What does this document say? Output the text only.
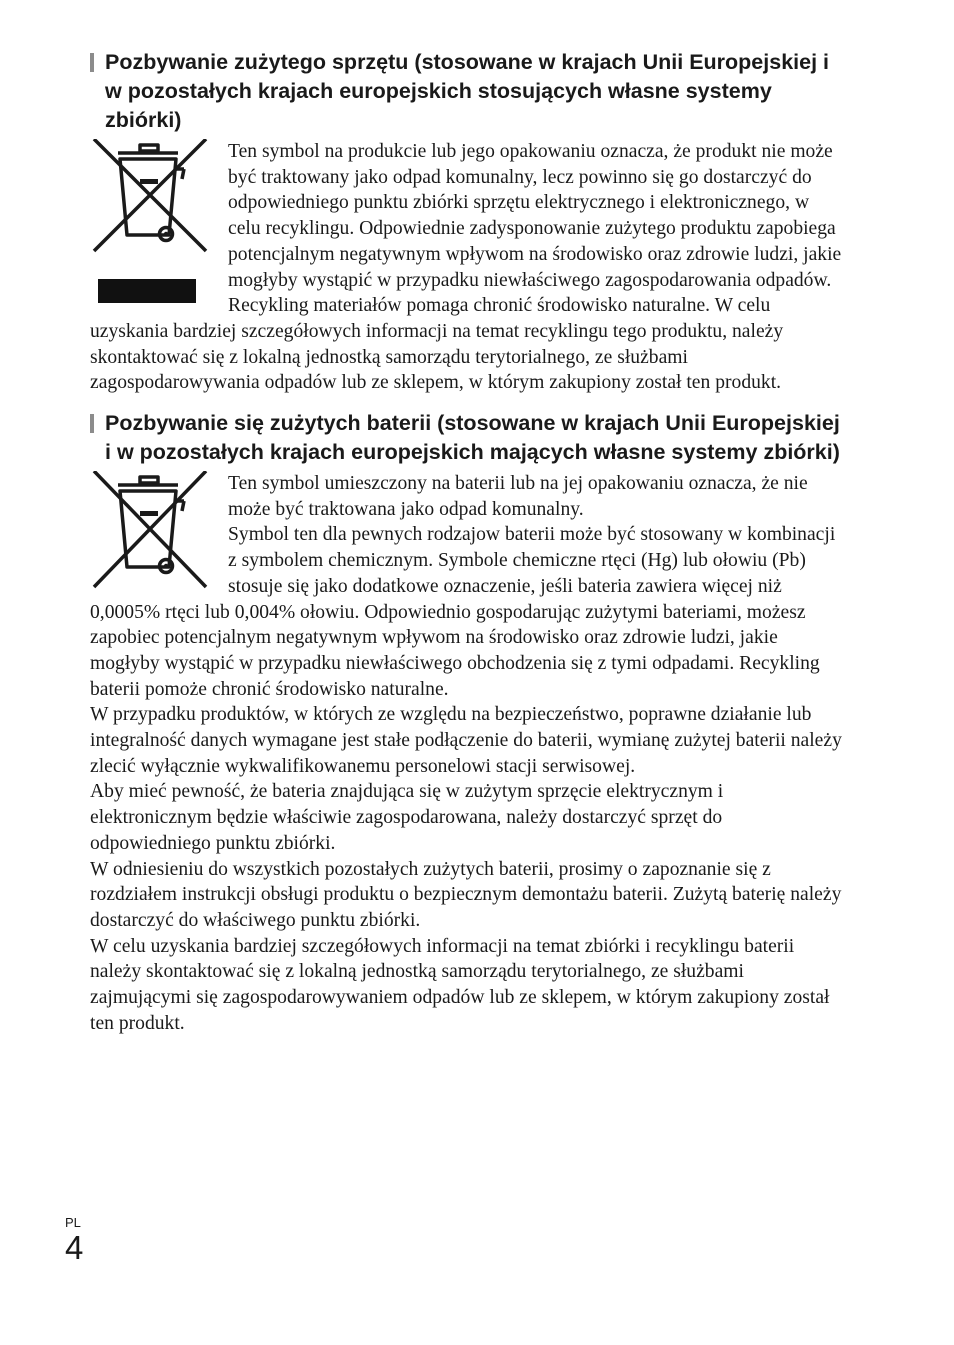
Pozbywanie zużytego sprzętu (stosowane w krajach Unii Europejskiej i w pozostałych krajach europejskich stosujących własne systemy zbiórki)

Ten symbol na produkcie lub jego opakowaniu oznacza, że produkt nie może być traktowany jako odpad komunalny, lecz powinno się go dostarczyć do odpowiedniego punktu zbiórki sprzętu elektrycznego i elektronicznego, w celu recyklingu. Odpowiednie zadysponowanie zużytego produktu zapobiega potencjalnym negatywnym wpływom na środowisko oraz zdrowie ludzi, jakie mogłyby wystąpić w przypadku niewłaściwego zagospodarowania odpadów. Recykling materiałów pomaga chronić środowisko naturalne. W celu uzyskania bardziej szczegółowych informacji na temat recyklingu tego produktu, należy skontaktować się z lokalną jednostką samorządu terytorialnego, ze służbami zagospodarowywania odpadów lub ze sklepem, w którym zakupiony został ten produkt.

Pozbywanie się zużytych baterii (stosowane w krajach Unii Europejskiej i w pozostałych krajach europejskich mających własne systemy zbiórki)

Ten symbol umieszczony na baterii lub na jej opakowaniu oznacza, że nie może być traktowana jako odpad komunalny.

Symbol ten dla pewnych rodzajow baterii może być stosowany w kombinacji z symbolem chemicznym. Symbole chemiczne rtęci (Hg) lub ołowiu (Pb) stosuje się jako dodatkowe oznaczenie, jeśli bateria zawiera więcej niż 0,0005% rtęci lub 0,004% ołowiu. Odpowiednio gospodarując zużytymi bateriami, możesz zapobiec potencjalnym negatywnym wpływom na środowisko oraz zdrowie ludzi, jakie mogłyby wystąpić w przypadku niewłaściwego obchodzenia się z tymi odpadami. Recykling baterii pomoże chronić środowisko naturalne.

W przypadku produktów, w których ze względu na bezpieczeństwo, poprawne działanie lub integralność danych wymagane jest stałe podłączenie do baterii, wymianę zużytej baterii należy zlecić wyłącznie wykwalifikowanemu personelowi stacji serwisowej.

Aby mieć pewność, że bateria znajdująca się w zużytym sprzęcie elektrycznym i elektronicznym będzie właściwie zagospodarowana, należy dostarczyć sprzęt do odpowiedniego punktu zbiórki.

W odniesieniu do wszystkich pozostałych zużytych baterii, prosimy o zapoznanie się z rozdziałem instrukcji obsługi produktu o bezpiecznym demontażu baterii. Zużytą baterię należy dostarczyć do właściwego punktu zbiórki.

W celu uzyskania bardziej szczegółowych informacji na temat zbiórki i recyklingu baterii należy skontaktować się z lokalną jednostką samorządu terytorialnego, ze służbami zajmującymi się zagospodarowywaniem odpadów lub ze sklepem, w którym zakupiony został ten produkt.

PL
4
